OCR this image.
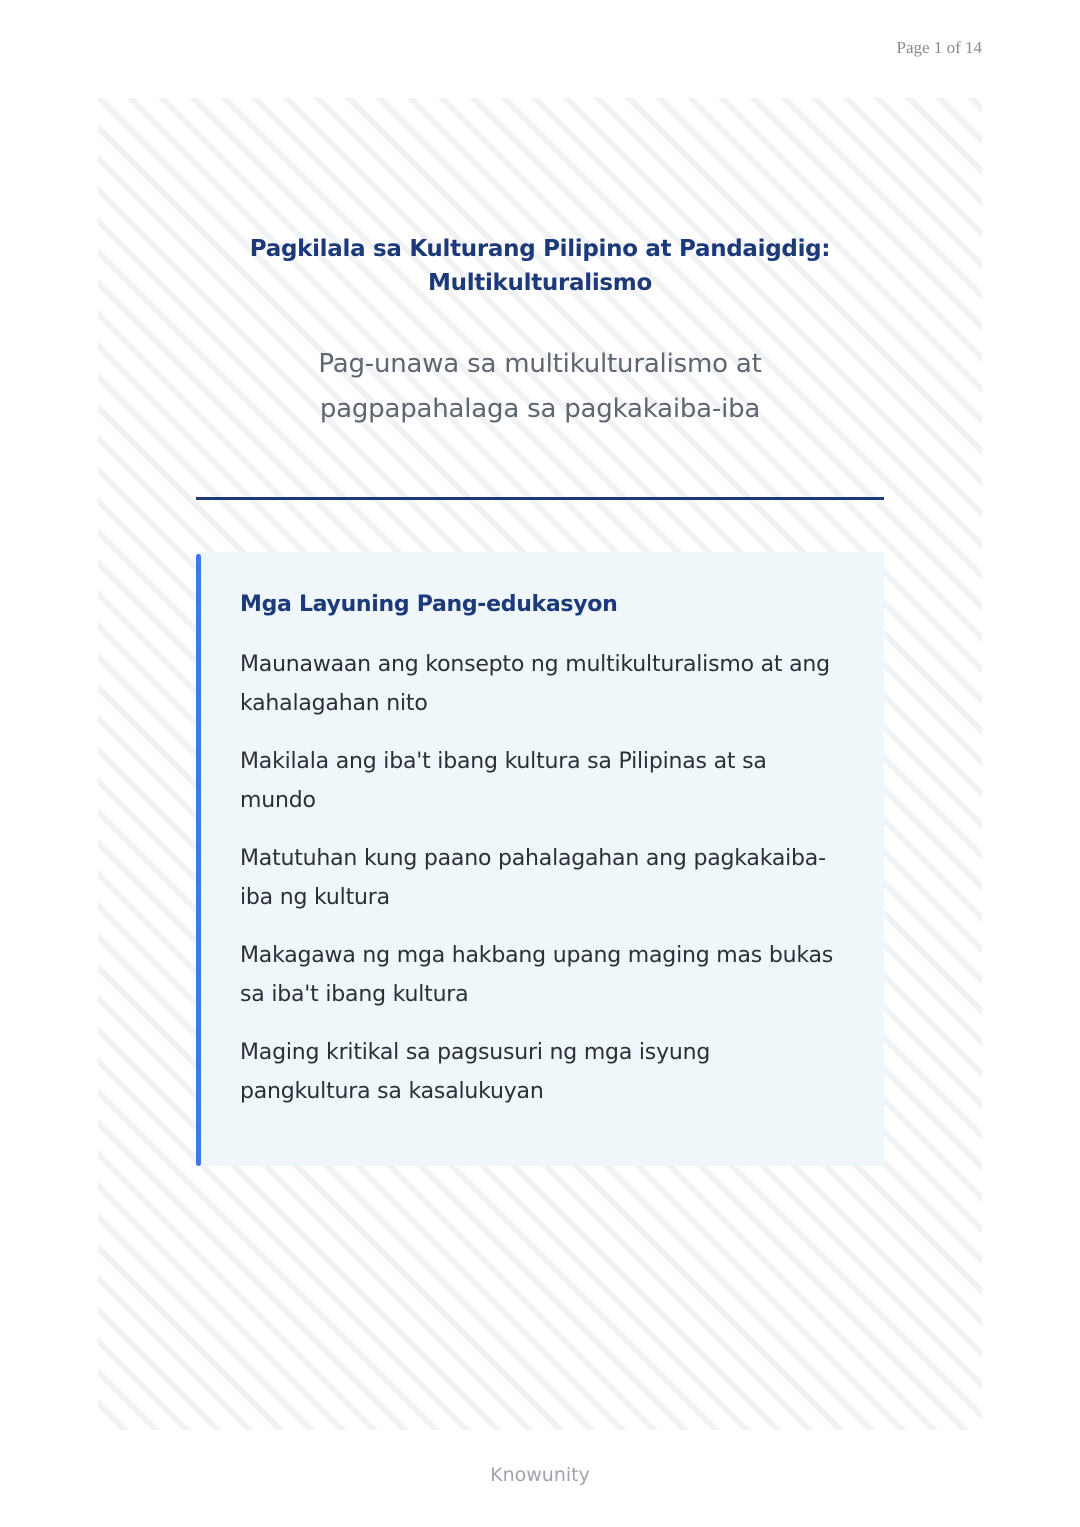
Page 1 of 14
Pagkilala sa Kulturang Pilipino at Pandaigdig:
Multikulturalismo
Pag-unawa sa multikulturalismo at
pagpapahalaga sa pagkakaiba-iba
Mga Layuning Pang-edukasyon
Maunawaan ang konsepto ng multikulturalismo at ang kahalagahan nito
Makilala ang iba't ibang kultura sa Pilipinas at sa mundo
Matutuhan kung paano pahalagahan ang pagkakaiba-iba ng kultura
Makagawa ng mga hakbang upang maging mas bukas sa iba't ibang kultura
Maging kritikal sa pagsusuri ng mga isyung pangkultura sa kasalukuyan
Knowunity
